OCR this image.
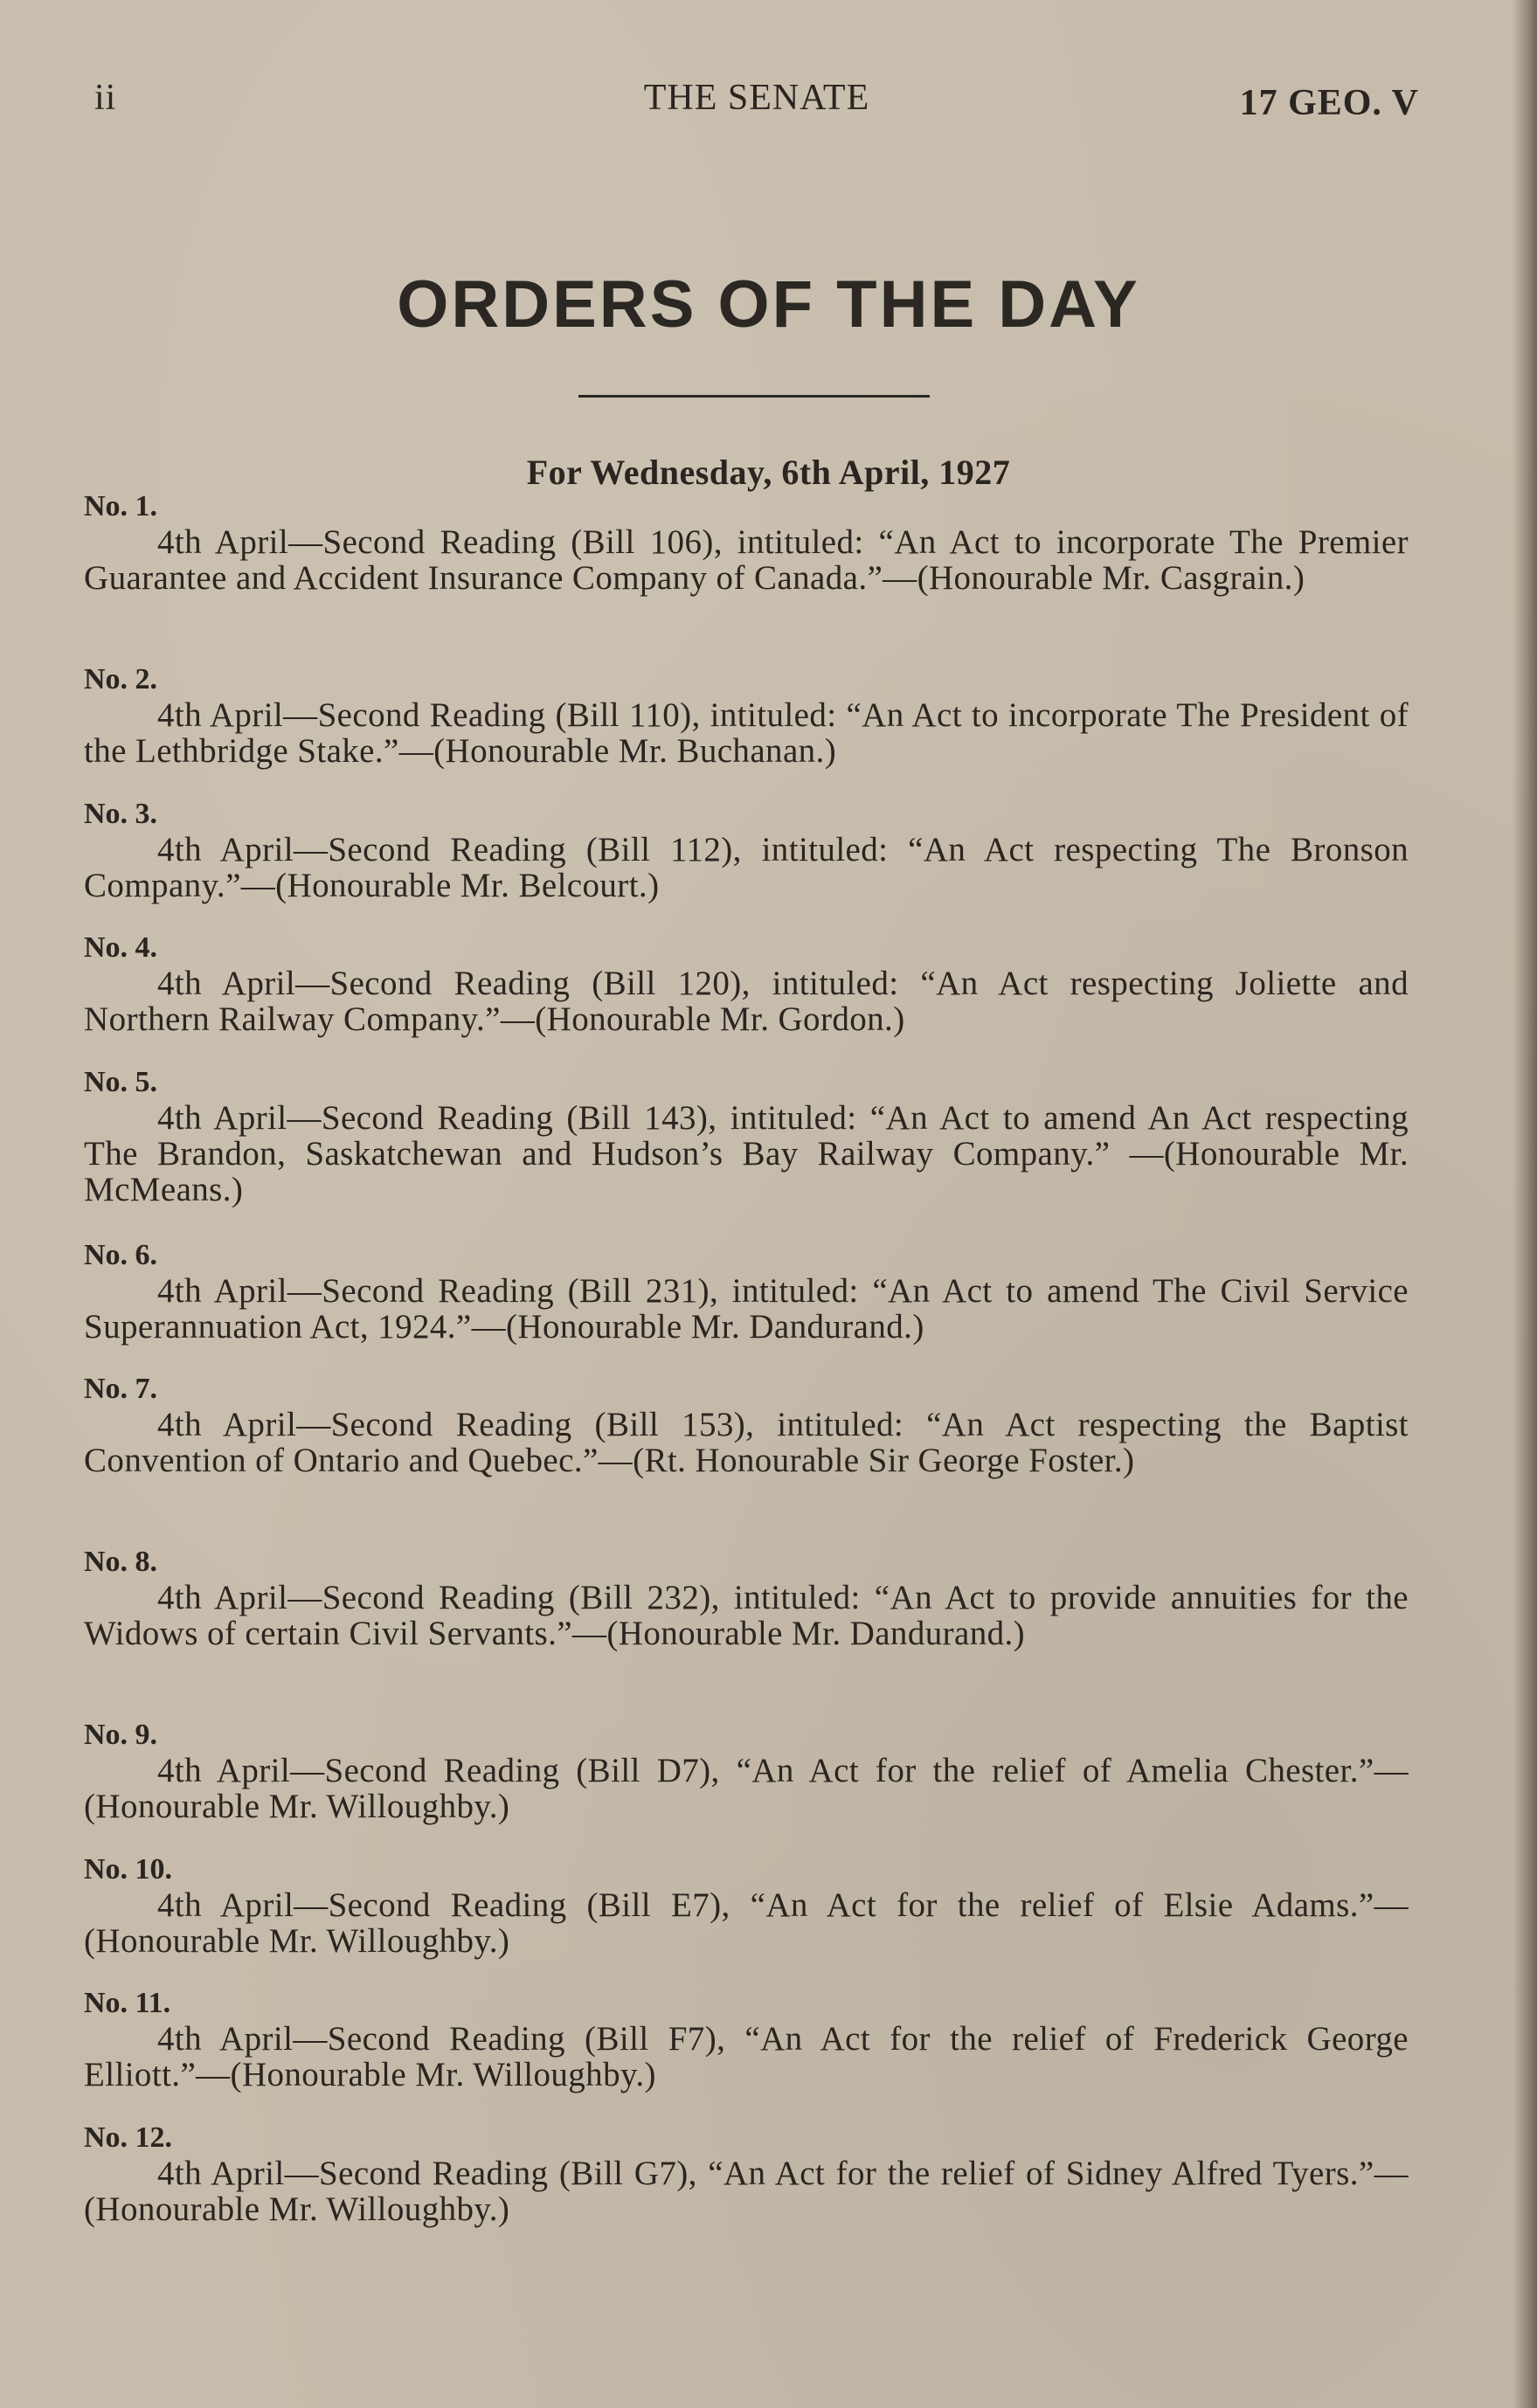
ii	THE SENATE	17 GEO. V
ORDERS OF THE DAY
For Wednesday, 6th April, 1927
No. 1.
4th April—Second Reading (Bill 106), intituled: “An Act to incorporate The Premier Guarantee and Accident Insurance Company of Canada.”—(Honourable Mr. Casgrain.)
No. 2.
4th April—Second Reading (Bill 110), intituled: “An Act to incorporate The President of the Lethbridge Stake.”—(Honourable Mr. Buchanan.)
No. 3.
4th April—Second Reading (Bill 112), intituled: “An Act respecting The Bronson Company.”—(Honourable Mr. Belcourt.)
No. 4.
4th April—Second Reading (Bill 120), intituled: “An Act respecting Joliette and Northern Railway Company.”—(Honourable Mr. Gordon.)
No. 5.
4th April—Second Reading (Bill 143), intituled: “An Act to amend An Act respecting The Brandon, Saskatchewan and Hudson’s Bay Railway Company.” —(Honourable Mr. McMeans.)
No. 6.
4th April—Second Reading (Bill 231), intituled: “An Act to amend The Civil Service Superannuation Act, 1924.”—(Honourable Mr. Dandurand.)
No. 7.
4th April—Second Reading (Bill 153), intituled: “An Act respecting the Baptist Convention of Ontario and Quebec.”—(Rt. Honourable Sir George Foster.)
No. 8.
4th April—Second Reading (Bill 232), intituled: “An Act to provide annuities for the Widows of certain Civil Servants.”—(Honourable Mr. Dandurand.)
No. 9.
4th April—Second Reading (Bill D7), “An Act for the relief of Amelia Chester.”—(Honourable Mr. Willoughby.)
No. 10.
4th April—Second Reading (Bill E7), “An Act for the relief of Elsie Adams.”—(Honourable Mr. Willoughby.)
No. 11.
4th April—Second Reading (Bill F7), “An Act for the relief of Frederick George Elliott.”—(Honourable Mr. Willoughby.)
No. 12.
4th April—Second Reading (Bill G7), “An Act for the relief of Sidney Alfred Tyers.”—(Honourable Mr. Willoughby.)
